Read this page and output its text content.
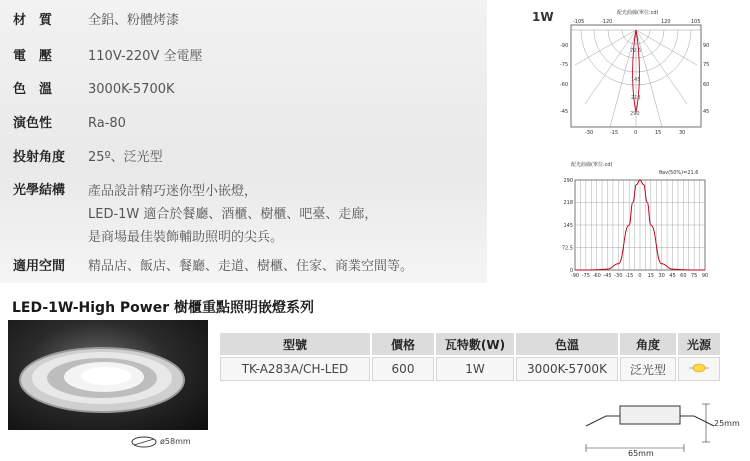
材　質	全鋁、粉體烤漆
電　壓	110V-220V 全電壓
色　溫	3000K-5700K
演色性	Ra-80
投射角度	25º、泛光型
光學結構	產品設計精巧迷你型小嵌燈，
LED-1W 適合於餐廳、酒櫃、樹櫃、吧臺、走廊，
是商場最佳裝飾輔助照明的尖兵。
適用空間	精品店、飯店、餐廳、走道、樹櫃、住家、商業空間等。
1W	配光曲線(單位:cd)
-105	-120	120	105
-90
-75
-60
-45
90
75
60
45
72.5
145
218
290
-30	-15	0	15	30
配光曲線(單位:cd)
θav(50%)=21.6
0
72.5
145
218
290
-90 -75 -60 -45 -30 -15 0 15 30 45 60 75 90
LED-1W-High Power 樹櫃重點照明嵌燈系列
型號	價格	瓦特數(W)	色溫	角度	光源
TK-A283A/CH-LED	600	1W	3000K-5700K	泛光型	
ø58mm
25mm
65mm
